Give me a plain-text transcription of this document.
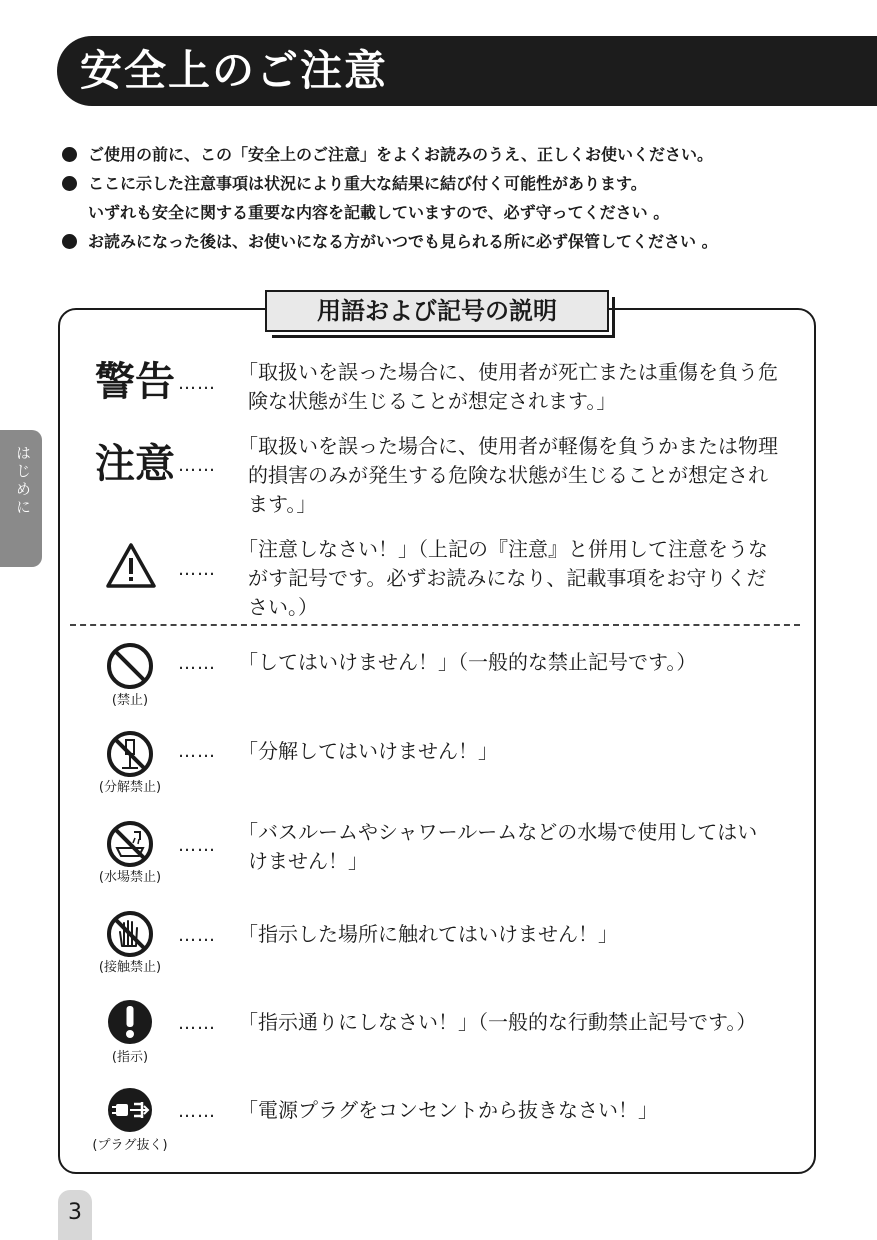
安全上のご注意
ご使用の前に、この「安全上のご注意」をよくお読みのうえ、正しくお使いください。
ここに示した注意事項は状況により重大な結果に結び付く可能性があります。
いずれも安全に関する重要な内容を記載していますので、必ず守ってください 。
お読みになった後は、お使いになる方がいつでも見られる所に必ず保管してください 。
用語および記号の説明
警告 …… 「取扱いを誤った場合に、使用者が死亡または重傷を負う危
険な状態が生じることが想定されます。」
注意 ……
「取扱いを誤った場合に、使用者が軽傷を負うかまたは物理
的損害のみが発生する危険な状態が生じることが想定され
ます。」
……
「注意しなさい！」（上記の『注意』と併用して注意をうな
がす記号です。必ずお読みになり、記載事項をお守りくだ
さい。）
(禁止)
…… 「してはいけません！」（一般的な禁止記号です。）
(分解禁止)
…… 「分解してはいけません！」
(水場禁止)
……
「バスルームやシャワールームなどの水場で使用してはい
けません！」
(接触禁止)
…… 「指示した場所に触れてはいけません！」
(指示)
…… 「指示通りにしなさい！」（一般的な行動禁止記号です。）
(プラグ抜く)
…… 「電源プラグをコンセントから抜きなさい！」
はじめに
3
